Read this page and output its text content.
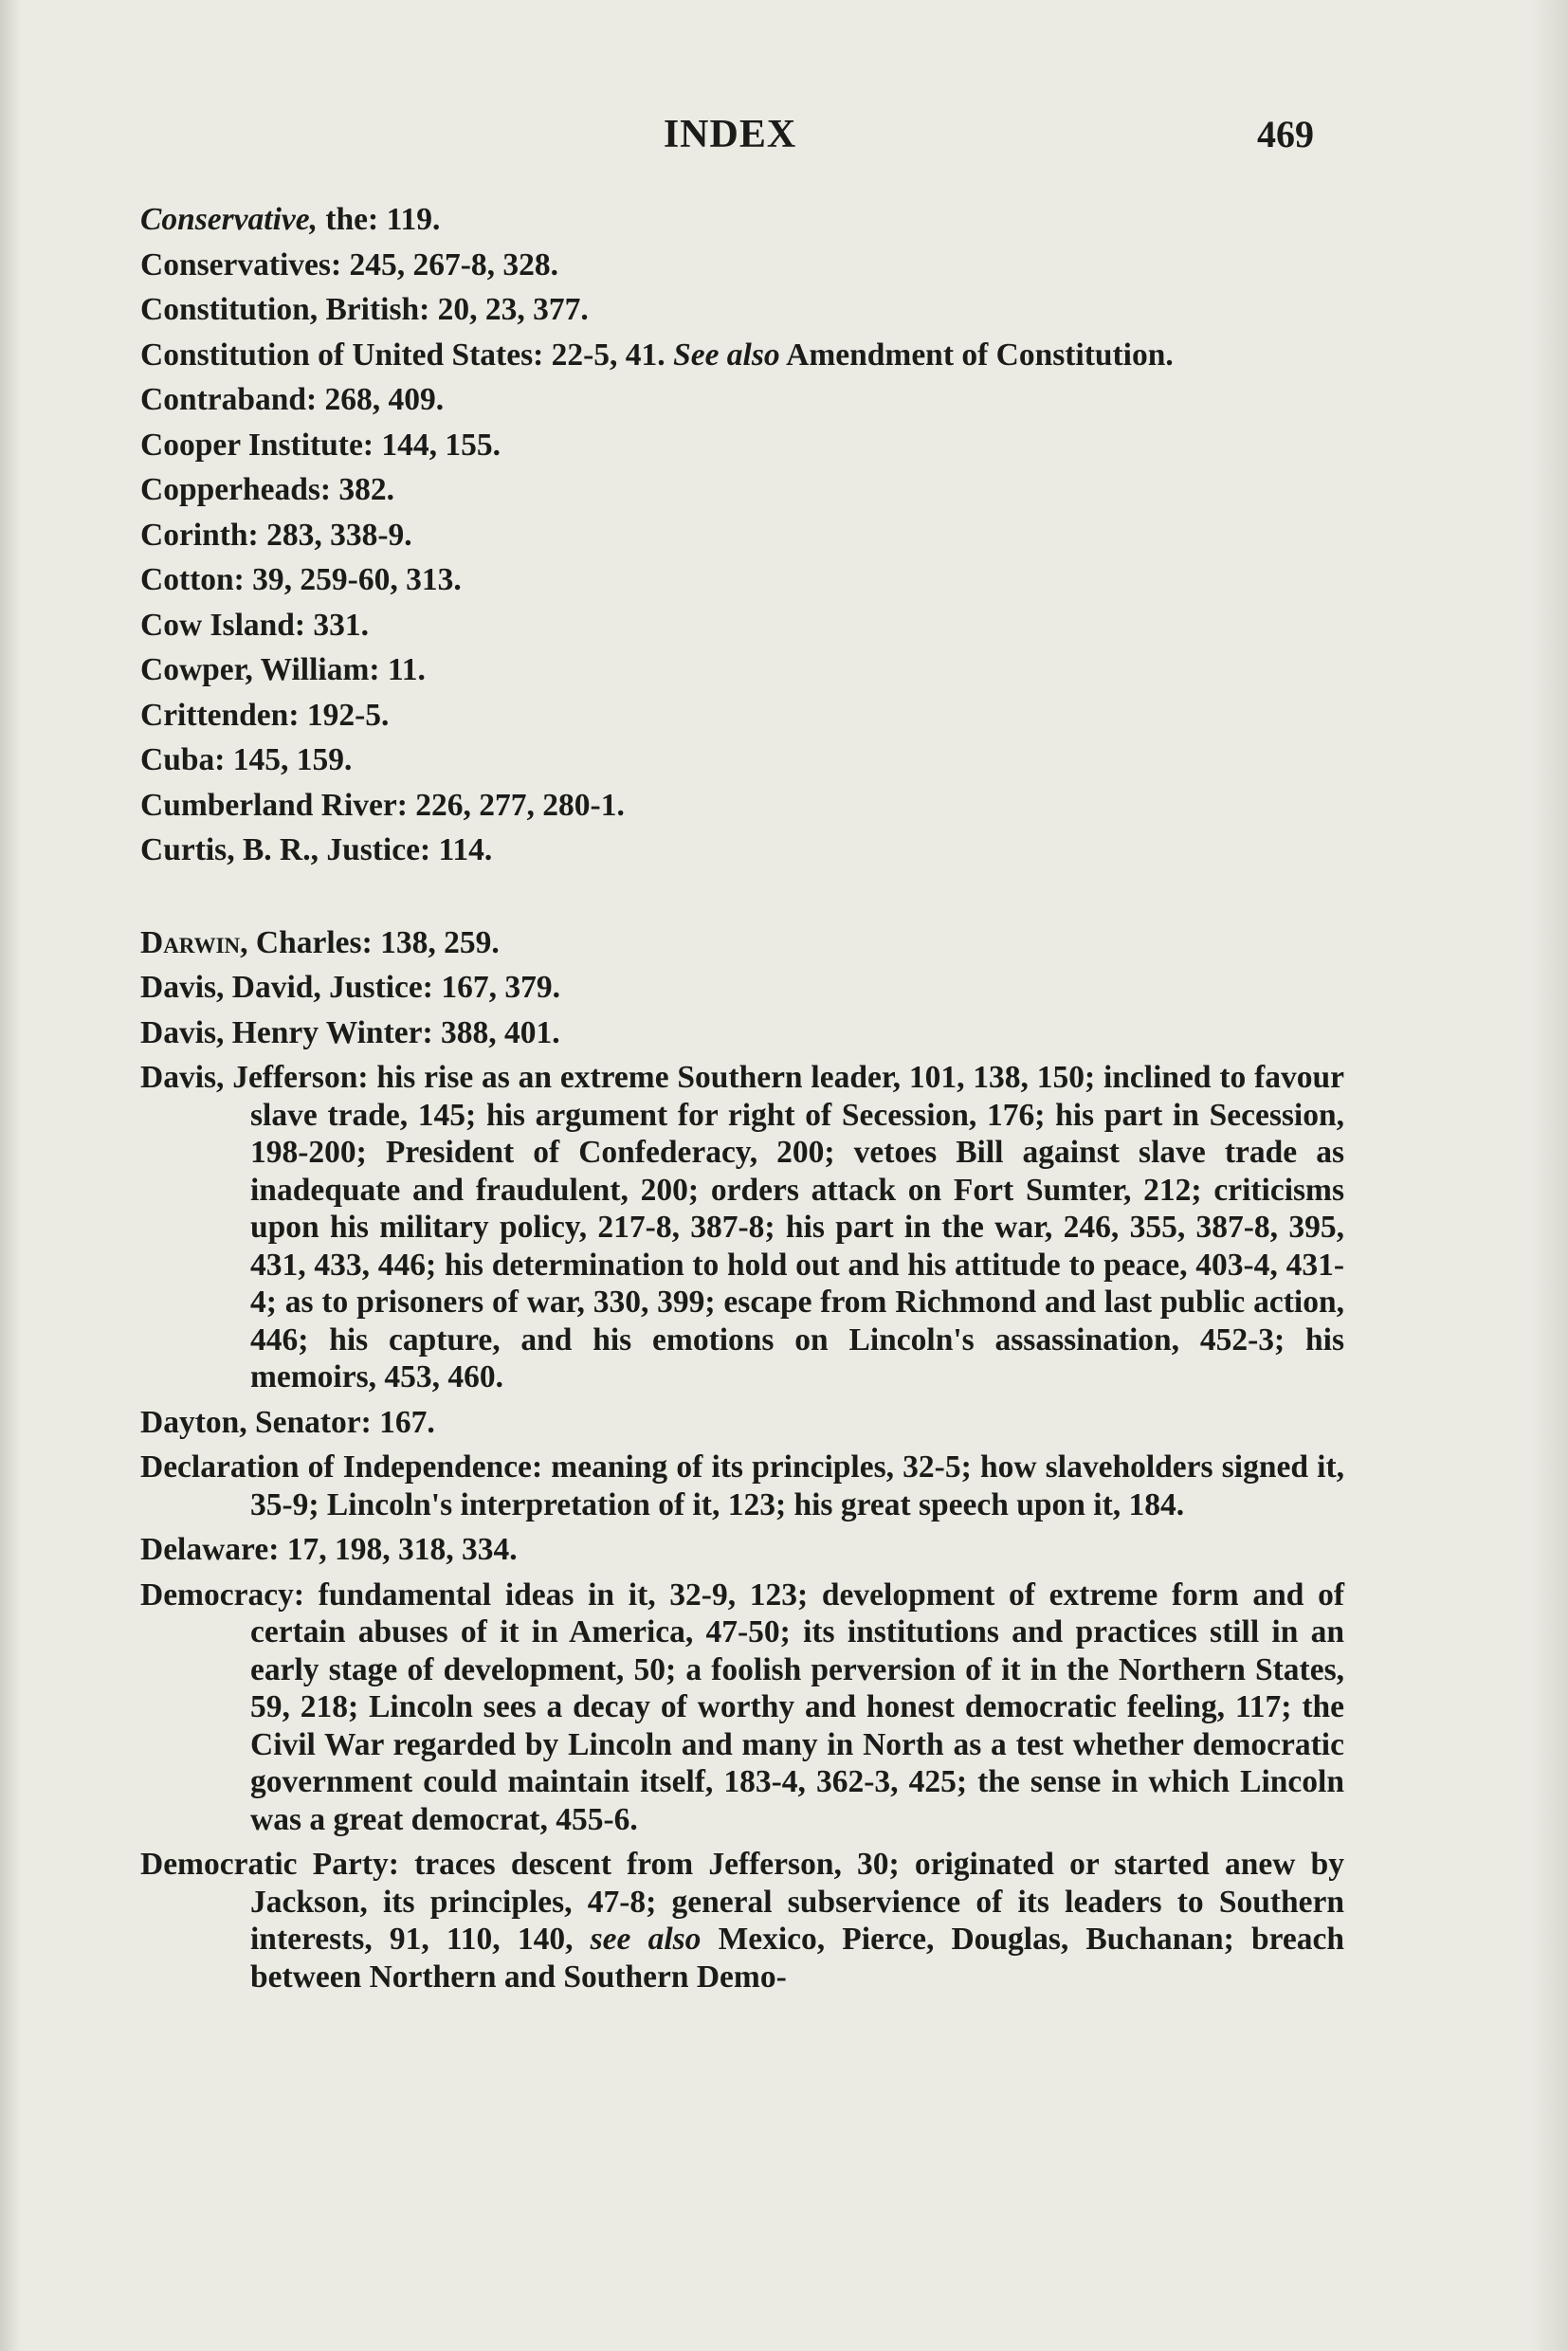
INDEX	469
Conservative, the: 119.
Conservatives: 245, 267-8, 328.
Constitution, British: 20, 23, 377.
Constitution of United States: 22-5, 41. See also Amendment of Constitution.
Contraband: 268, 409.
Cooper Institute: 144, 155.
Copperheads: 382.
Corinth: 283, 338-9.
Cotton: 39, 259-60, 313.
Cow Island: 331.
Cowper, William: 11.
Crittenden: 192-5.
Cuba: 145, 159.
Cumberland River: 226, 277, 280-1.
Curtis, B. R., Justice: 114.
Darwin, Charles: 138, 259.
Davis, David, Justice: 167, 379.
Davis, Henry Winter: 388, 401.
Davis, Jefferson: his rise as an extreme Southern leader, 101, 138, 150; inclined to favour slave trade, 145; his argument for right of Secession, 176; his part in Secession, 198-200; President of Confederacy, 200; vetoes Bill against slave trade as inadequate and fraudulent, 200; orders attack on Fort Sumter, 212; criticisms upon his military policy, 217-8, 387-8; his part in the war, 246, 355, 387-8, 395, 431, 433, 446; his determination to hold out and his attitude to peace, 403-4, 431-4; as to prisoners of war, 330, 399; escape from Richmond and last public action, 446; his capture, and his emotions on Lincoln's assassination, 452-3; his memoirs, 453, 460.
Dayton, Senator: 167.
Declaration of Independence: meaning of its principles, 32-5; how slaveholders signed it, 35-9; Lincoln's interpretation of it, 123; his great speech upon it, 184.
Delaware: 17, 198, 318, 334.
Democracy: fundamental ideas in it, 32-9, 123; development of extreme form and of certain abuses of it in America, 47-50; its institutions and practices still in an early stage of development, 50; a foolish perversion of it in the Northern States, 59, 218; Lincoln sees a decay of worthy and honest democratic feeling, 117; the Civil War regarded by Lincoln and many in North as a test whether democratic government could maintain itself, 183-4, 362-3, 425; the sense in which Lincoln was a great democrat, 455-6.
Democratic Party: traces descent from Jefferson, 30; originated or started anew by Jackson, its principles, 47-8; general subservience of its leaders to Southern interests, 91, 110, 140, see also Mexico, Pierce, Douglas, Buchanan; breach between Northern and Southern Demo-
